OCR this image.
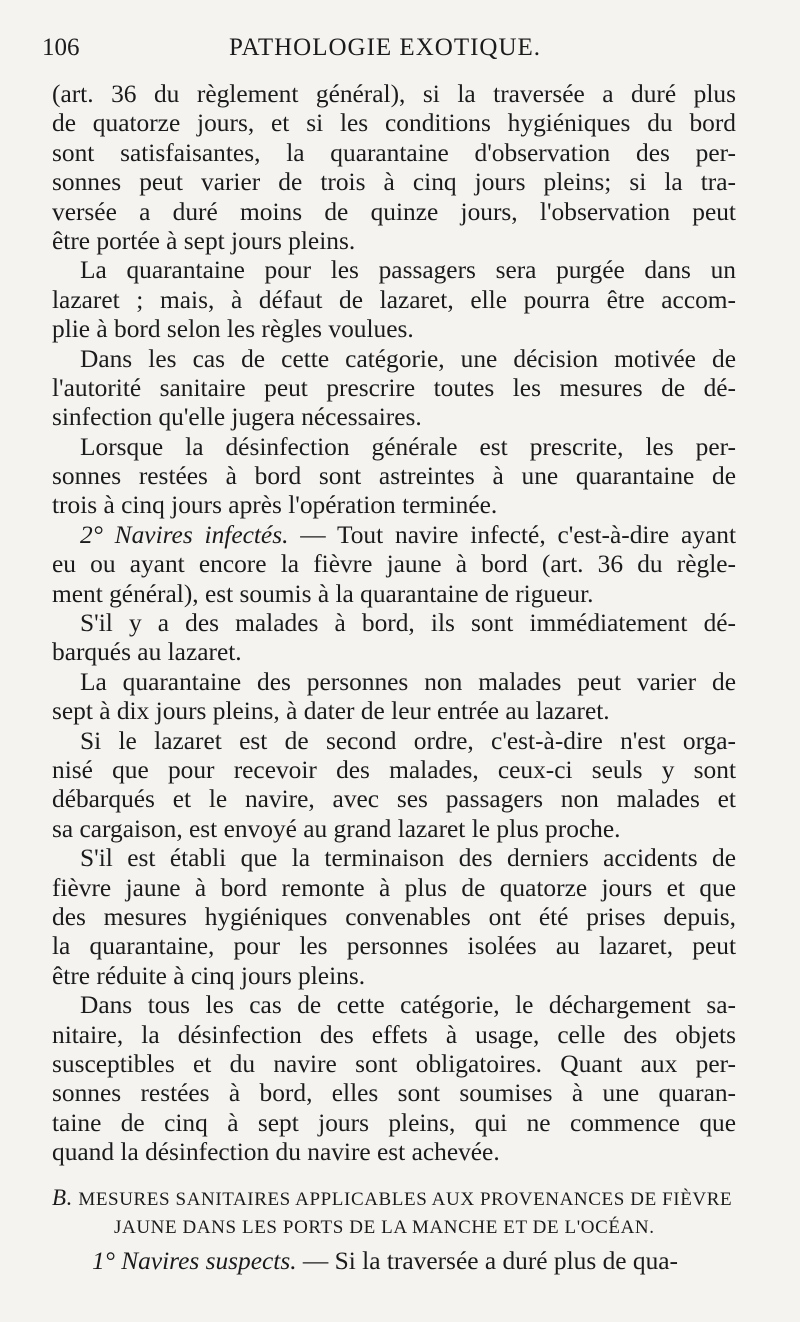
106	PATHOLOGIE EXOTIQUE.
(art. 36 du règlement général), si la traversée a duré plus
de quatorze jours, et si les conditions hygiéniques du bord
sont satisfaisantes, la quarantaine d'observation des per-
sonnes peut varier de trois à cinq jours pleins; si la tra-
versée a duré moins de quinze jours, l'observation peut
être portée à sept jours pleins.
La quarantaine pour les passagers sera purgée dans un
lazaret ; mais, à défaut de lazaret, elle pourra être accom-
plie à bord selon les règles voulues.
Dans les cas de cette catégorie, une décision motivée de
l'autorité sanitaire peut prescrire toutes les mesures de dé-
sinfection qu'elle jugera nécessaires.
Lorsque la désinfection générale est prescrite, les per-
sonnes restées à bord sont astreintes à une quarantaine de
trois à cinq jours après l'opération terminée.
2° Navires infectés. — Tout navire infecté, c'est-à-dire ayant
eu ou ayant encore la fièvre jaune à bord (art. 36 du règle-
ment général), est soumis à la quarantaine de rigueur.
S'il y a des malades à bord, ils sont immédiatement dé-
barqués au lazaret.
La quarantaine des personnes non malades peut varier de
sept à dix jours pleins, à dater de leur entrée au lazaret.
Si le lazaret est de second ordre, c'est-à-dire n'est orga-
nisé que pour recevoir des malades, ceux-ci seuls y sont
débarqués et le navire, avec ses passagers non malades et
sa cargaison, est envoyé au grand lazaret le plus proche.
S'il est établi que la terminaison des derniers accidents de
fièvre jaune à bord remonte à plus de quatorze jours et que
des mesures hygiéniques convenables ont été prises depuis,
la quarantaine, pour les personnes isolées au lazaret, peut
être réduite à cinq jours pleins.
Dans tous les cas de cette catégorie, le déchargement sa-
nitaire, la désinfection des effets à usage, celle des objets
susceptibles et du navire sont obligatoires. Quant aux per-
sonnes restées à bord, elles sont soumises à une quaran-
taine de cinq à sept jours pleins, qui ne commence que
quand la désinfection du navire est achevée.
B. MESURES SANITAIRES APPLICABLES AUX PROVENANCES DE FIÈVRE
JAUNE DANS LES PORTS DE LA MANCHE ET DE L'OCÉAN.
1° Navires suspects. — Si la traversée a duré plus de qua-
